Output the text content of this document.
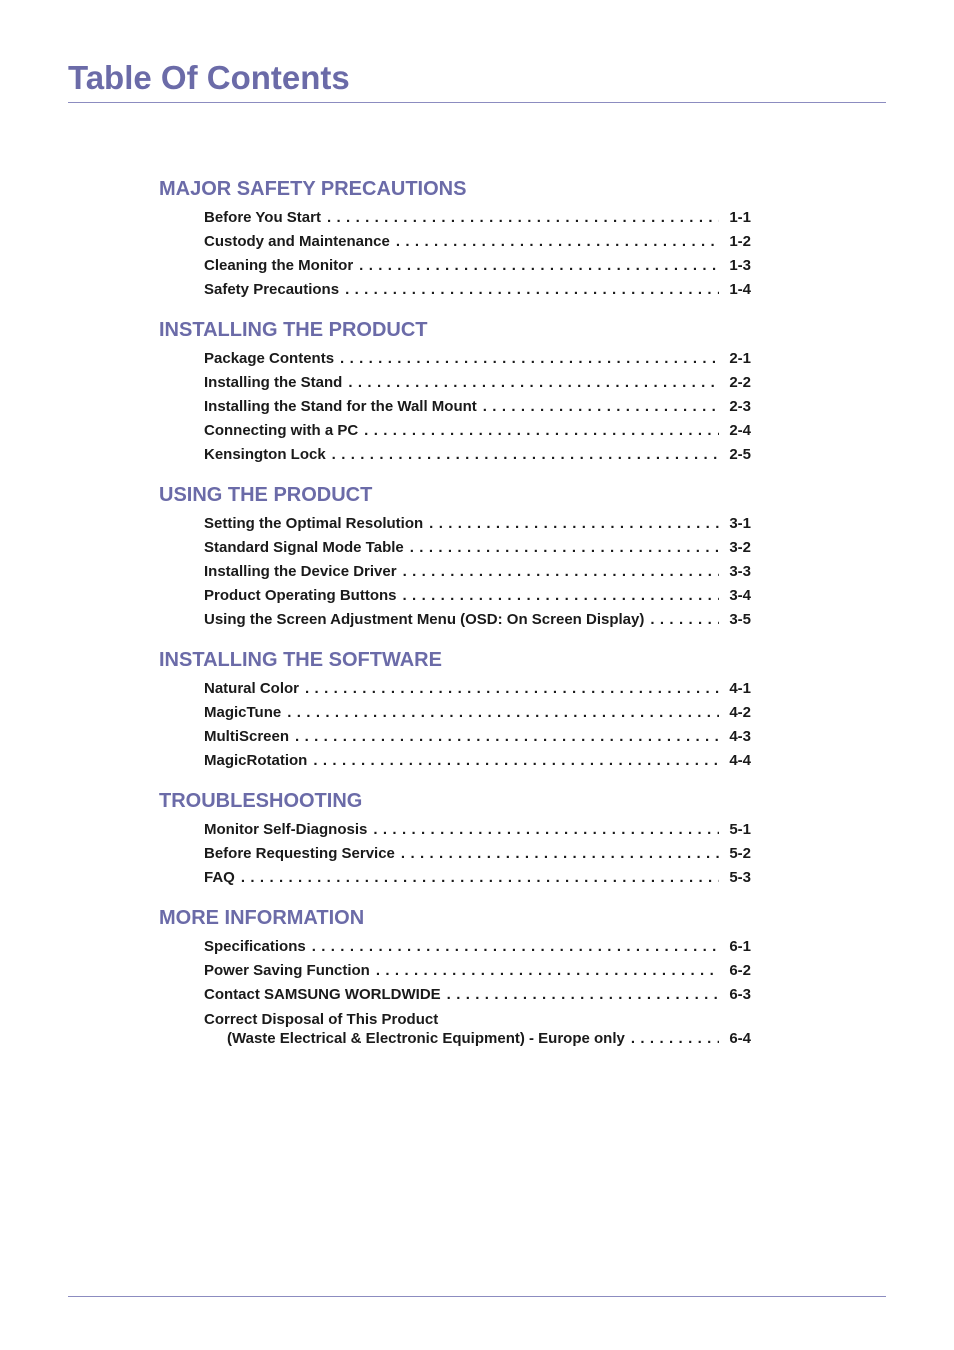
Table Of Contents
MAJOR SAFETY PRECAUTIONS
Before You Start . . .	1-1
Custody and Maintenance . . .	1-2
Cleaning the Monitor . . .	1-3
Safety Precautions . . .	1-4
INSTALLING THE PRODUCT
Package Contents . . .	2-1
Installing the Stand . . .	2-2
Installing the Stand for the Wall Mount . . .	2-3
Connecting with a PC . . .	2-4
Kensington Lock . . .	2-5
USING THE PRODUCT
Setting the Optimal Resolution . . .	3-1
Standard Signal Mode Table . . .	3-2
Installing the Device Driver . . .	3-3
Product Operating Buttons . . .	3-4
Using the Screen Adjustment Menu (OSD: On Screen Display) . . .	3-5
INSTALLING THE SOFTWARE
Natural Color . . .	4-1
MagicTune . . .	4-2
MultiScreen . . .	4-3
MagicRotation . . .	4-4
TROUBLESHOOTING
Monitor Self-Diagnosis . . .	5-1
Before Requesting Service . . .	5-2
FAQ . . .	5-3
MORE INFORMATION
Specifications . . .	6-1
Power Saving Function . . .	6-2
Contact SAMSUNG WORLDWIDE . . .	6-3
Correct Disposal of This Product
(Waste Electrical & Electronic Equipment) - Europe only . . .	6-4
